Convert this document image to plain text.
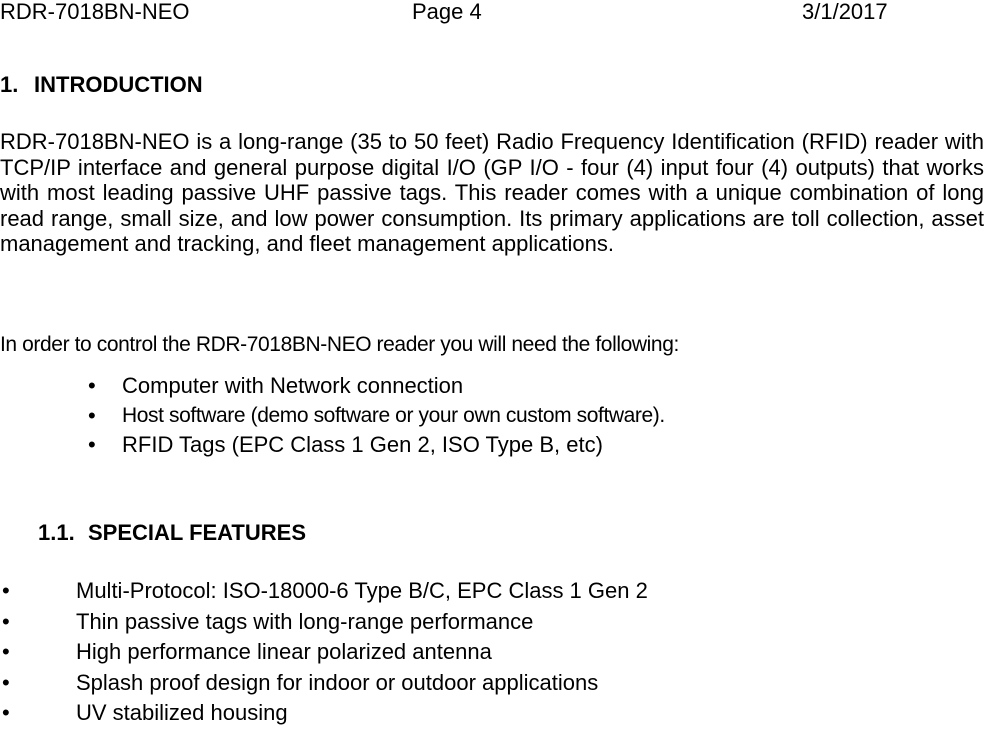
RDR-7018BN-NEO	Page 4	3/1/2017
1. INTRODUCTION

RDR-7018BN-NEO is a long-range (35 to 50 feet) Radio Frequency Identification (RFID) reader with TCP/IP interface and general purpose digital I/O (GP I/O - four (4) input four (4) outputs) that works with most leading passive UHF passive tags. This reader comes with a unique combination of long read range, small size, and low power consumption. Its primary applications are toll collection, asset management and tracking, and fleet management applications.

In order to control the RDR-7018BN-NEO reader you will need the following:

• Computer with Network connection
• Host software (demo software or your own custom software).
• RFID Tags (EPC Class 1 Gen 2, ISO Type B, etc)
1.1. SPECIAL FEATURES
•	Multi-Protocol: ISO-18000-6 Type B/C, EPC Class 1 Gen 2
•	Thin passive tags with long-range performance
•	High performance linear polarized antenna
•	Splash proof design for indoor or outdoor applications
•	UV stabilized housing
